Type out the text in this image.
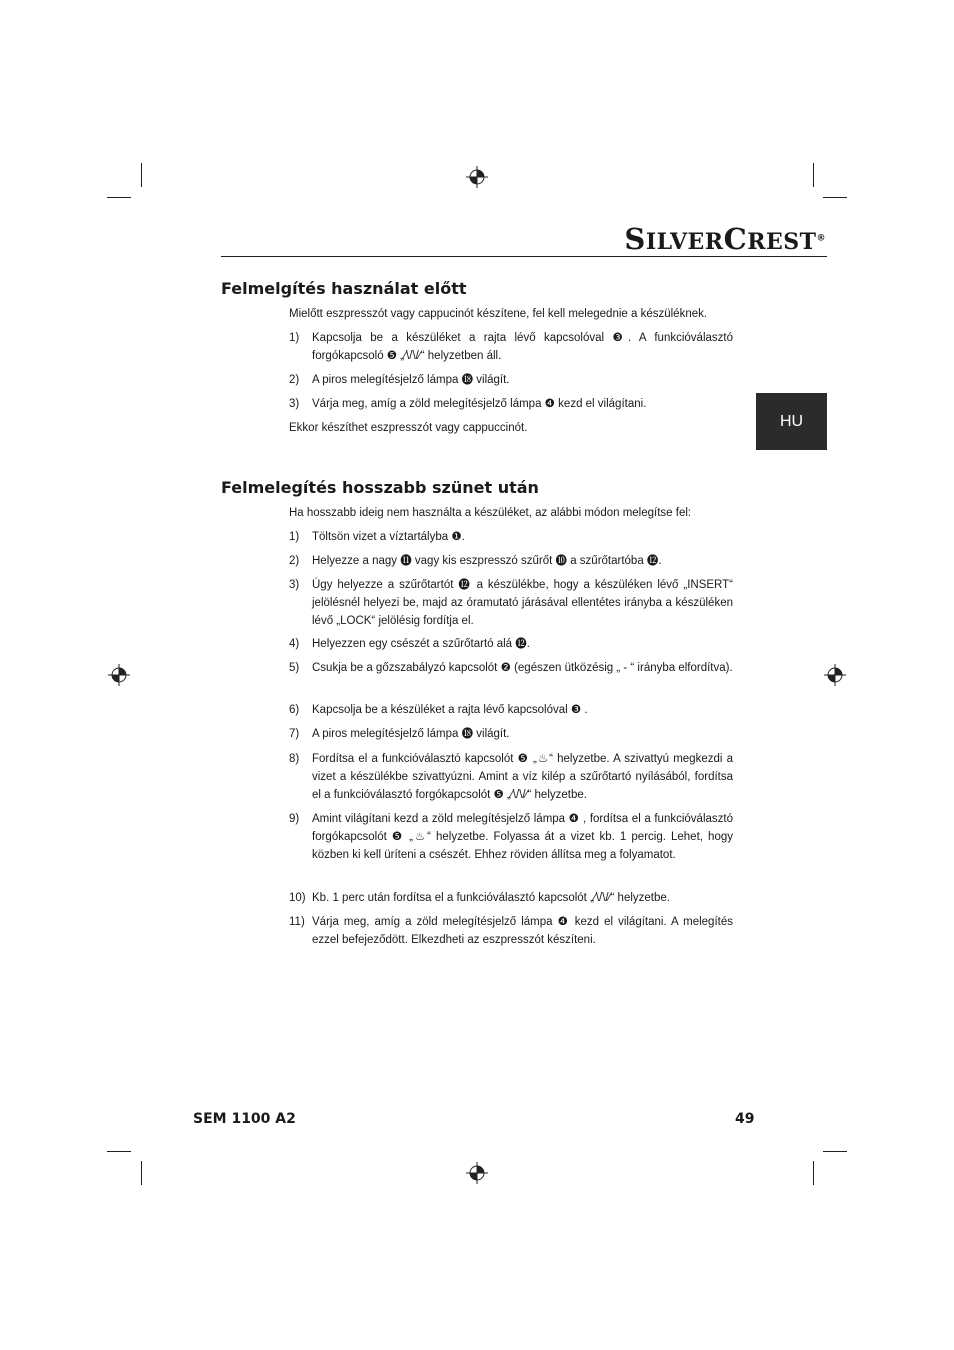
SILVERCREST®
HU
Felmelgítés használat előtt
Mielőtt eszpresszót vagy cappucinót készítene, fel kell melegednie a készüléknek.
1)	Kapcsolja be a készüléket a rajta lévő kapcsolóval ❸. A funkcióválasztó forgókapcsoló ❺ „⁄\/\/⁄“ helyzetben áll.
2)	A piros melegítésjelző lámpa ⓲ világít.
3)	Várja meg, amíg a zöld melegítésjelző lámpa ❹ kezd el világítani.
Ekkor készíthet eszpresszót vagy cappuccinót.
Felmelegítés hosszabb szünet után
Ha hosszabb ideig nem használta a készüléket, az alábbi módon melegítse fel:
1)	Töltsön vizet a víztartályba ❶.
2)	Helyezze a nagy ⓫ vagy kis eszpresszó szűrőt ❿ a szűrőtartóba ⓬.
3)	Úgy helyezze a szűrőtartót ⓬ a készülékbe, hogy a készüléken lévő „INSERT“ jelölésnél helyezi be, majd az óramutató járásával ellentétes irányba a készüléken lévő „LOCK“ jelölésig fordítja el.
4)	Helyezzen egy csészét a szűrőtartó alá ⓬.
5)	Csukja be a gőzszabályzó kapcsolót ❷ (egészen ütközésig „ - “ irányba elfordítva).
6)	Kapcsolja be a készüléket a rajta lévő kapcsolóval ❸ .
7)	A piros melegítésjelző lámpa ⓲ világít.
8)	Fordítsa el a funkcióválasztó kapcsolót ❺ „♨“ helyzetbe. A szivattyú megkezdi a vizet a készülékbe szivattyúzni. Amint a víz kilép a szűrőtartó nyílásából, fordítsa el a funkcióválasztó forgókapcsolót ❺ „⁄\/\/⁄“ helyzetbe.
9)	Amint világítani kezd a zöld melegítésjelző lámpa ❹ , fordítsa el a funkcióválasztó forgókapcsolót ❺ „♨“ helyzetbe. Folyassa át a vizet kb. 1 percig. Lehet, hogy közben ki kell üríteni a csészét. Ehhez röviden állítsa meg a folyamatot.
10) Kb. 1 perc után fordítsa el a funkcióválasztó kapcsolót „⁄\/\/⁄“ helyzetbe.
11) Várja meg, amíg a zöld melegítésjelző lámpa ❹ kezd el világítani. A melegítés ezzel befejeződött. Elkezdheti az eszpresszót készíteni.
SEM 1100 A2	49
